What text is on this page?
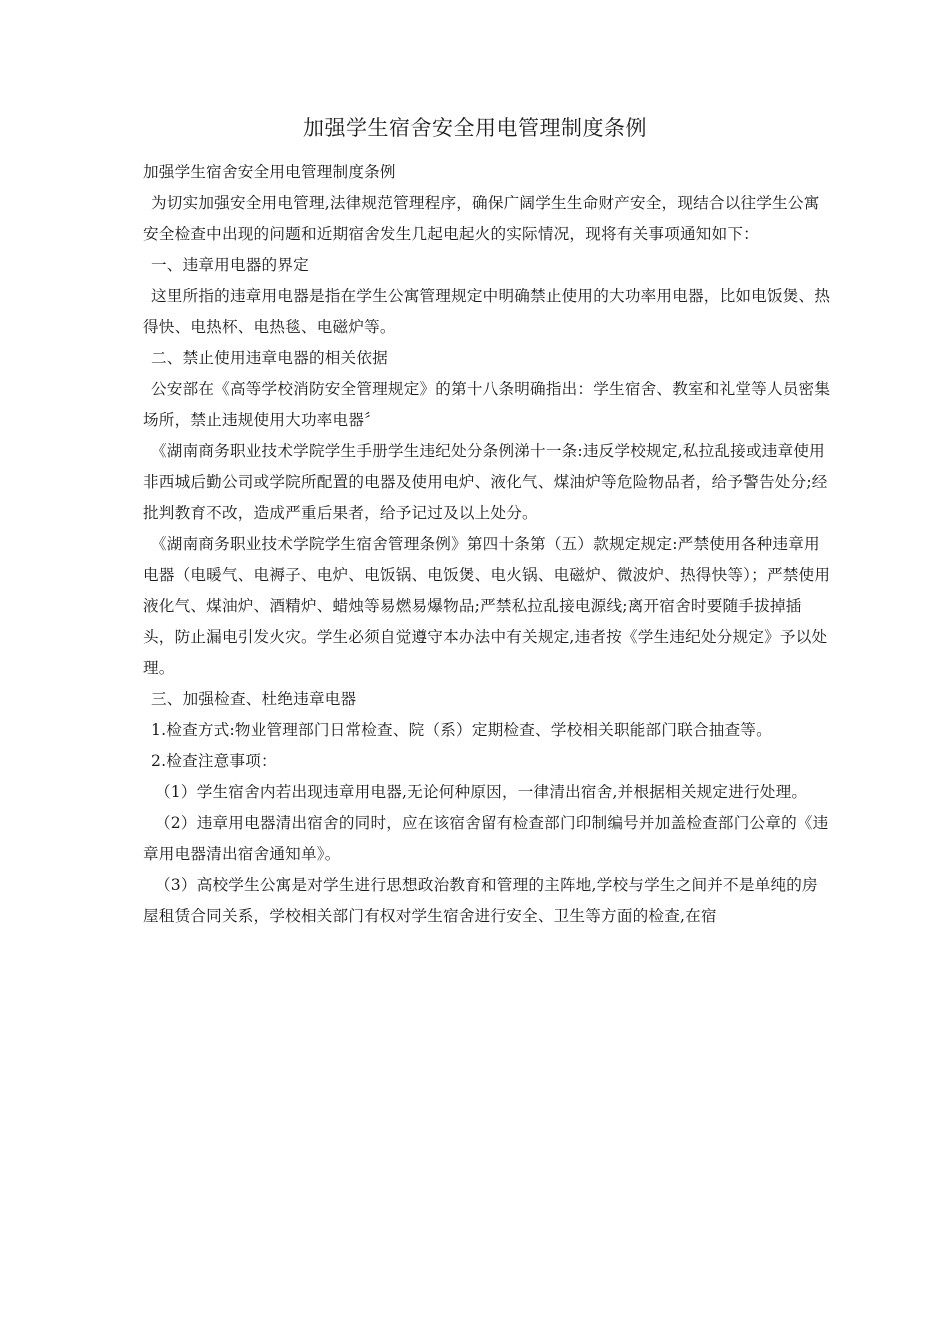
加强学生宿舍安全用电管理制度条例

加强学生宿舍安全用电管理制度条例

为切实加强安全用电管理,法律规范管理程序，确保广阔学生生命财产安全，现结合以往学生公寓安全检查中出现的问题和近期宿舍发生几起电起火的实际情况，现将有关事项通知如下：

一、违章用电器的界定

这里所指的违章用电器是指在学生公寓管理规定中明确禁止使用的大功率用电器，比如电饭煲、热得快、电热杯、电热毯、电磁炉等。

二、禁止使用违章电器的相关依据

公安部在《高等学校消防安全管理规定》的第十八条明确指出：学生宿舍、教室和礼堂等人员密集场所，禁止违规使用大功率电器〞

《湖南商务职业技术学院学生手册学生违纪处分条例涕十一条:违反学校规定,私拉乱接或违章使用非西城后勤公司或学院所配置的电器及使用电炉、液化气、煤油炉等危险物品者，给予警告处分;经批判教育不改，造成严重后果者，给予记过及以上处分。

《湖南商务职业技术学院学生宿舍管理条例》第四十条第（五）款规定规定:严禁使用各种违章用电器（电暖气、电褥子、电炉、电饭锅、电饭煲、电火锅、电磁炉、微波炉、热得快等）；严禁使用液化气、煤油炉、酒精炉、蜡烛等易燃易爆物品;严禁私拉乱接电源线;离开宿舍时要随手拔掉插头，防止漏电引发火灾。学生必须自觉遵守本办法中有关规定,违者按《学生违纪处分规定》予以处理。

三、加强检查、杜绝违章电器

1.检查方式:物业管理部门日常检查、院（系）定期检查、学校相关职能部门联合抽查等。

2.检查注意事项：

（1）学生宿舍内若出现违章用电器,无论何种原因，一律清出宿舍,并根据相关规定进行处理。

（2）违章用电器清出宿舍的同时，应在该宿舍留有检查部门印制编号并加盖检查部门公章的《违章用电器清出宿舍通知单》。

（3）高校学生公寓是对学生进行思想政治教育和管理的主阵地,学校与学生之间并不是单纯的房屋租赁合同关系，学校相关部门有权对学生宿舍进行安全、卫生等方面的检查,在宿
